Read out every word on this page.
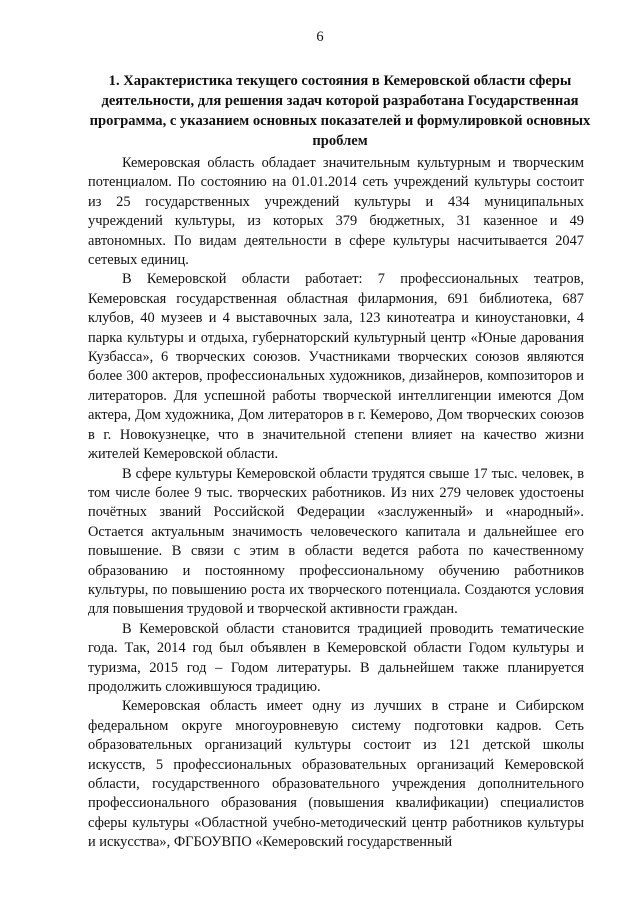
6
1. Характеристика текущего состояния в Кемеровской области сферы деятельности, для решения задач которой разработана Государственная программа, с указанием основных показателей и формулировкой основных проблем

Кемеровская область обладает значительным культурным и творческим потенциалом. По состоянию на 01.01.2014 сеть учреждений культуры состоит из 25 государственных учреждений культуры и 434 муниципальных учреждений культуры, из которых 379 бюджетных, 31 казенное и 49 автономных. По видам деятельности в сфере культуры насчитывается 2047 сетевых единиц.

В Кемеровской области работает: 7 профессиональных театров, Кемеровская государственная областная филармония, 691 библиотека, 687 клубов, 40 музеев и 4 выставочных зала, 123 кинотеатра и киноустановки, 4 парка культуры и отдыха, губернаторский культурный центр «Юные дарования Кузбасса», 6 творческих союзов. Участниками творческих союзов являются более 300 актеров, профессиональных художников, дизайнеров, композиторов и литераторов. Для успешной работы творческой интеллигенции имеются Дом актера, Дом художника, Дом литераторов в г. Кемерово, Дом творческих союзов в г. Новокузнецке, что в значительной степени влияет на качество жизни жителей Кемеровской области.

В сфере культуры Кемеровской области трудятся свыше 17 тыс. человек, в том числе более 9 тыс. творческих работников. Из них 279 человек удостоены почётных званий Российской Федерации «заслуженный» и «народный». Остается актуальным значимость человеческого капитала и дальнейшее его повышение. В связи с этим в области ведется работа по качественному образованию и постоянному профессиональному обучению работников культуры, по повышению роста их творческого потенциала. Создаются условия для повышения трудовой и творческой активности граждан.

В Кемеровской области становится традицией проводить тематические года. Так, 2014 год был объявлен в Кемеровской области Годом культуры и туризма, 2015 год – Годом литературы. В дальнейшем также планируется продолжить сложившуюся традицию.

Кемеровская область имеет одну из лучших в стране и Сибирском федеральном округе многоуровневую систему подготовки кадров. Сеть образовательных организаций культуры состоит из 121 детской школы искусств, 5 профессиональных образовательных организаций Кемеровской области, государственного образовательного учреждения дополнительного профессионального образования (повышения квалификации) специалистов сферы культуры «Областной учебно-методический центр работников культуры и искусства», ФГБОУВПО «Кемеровский государственный
